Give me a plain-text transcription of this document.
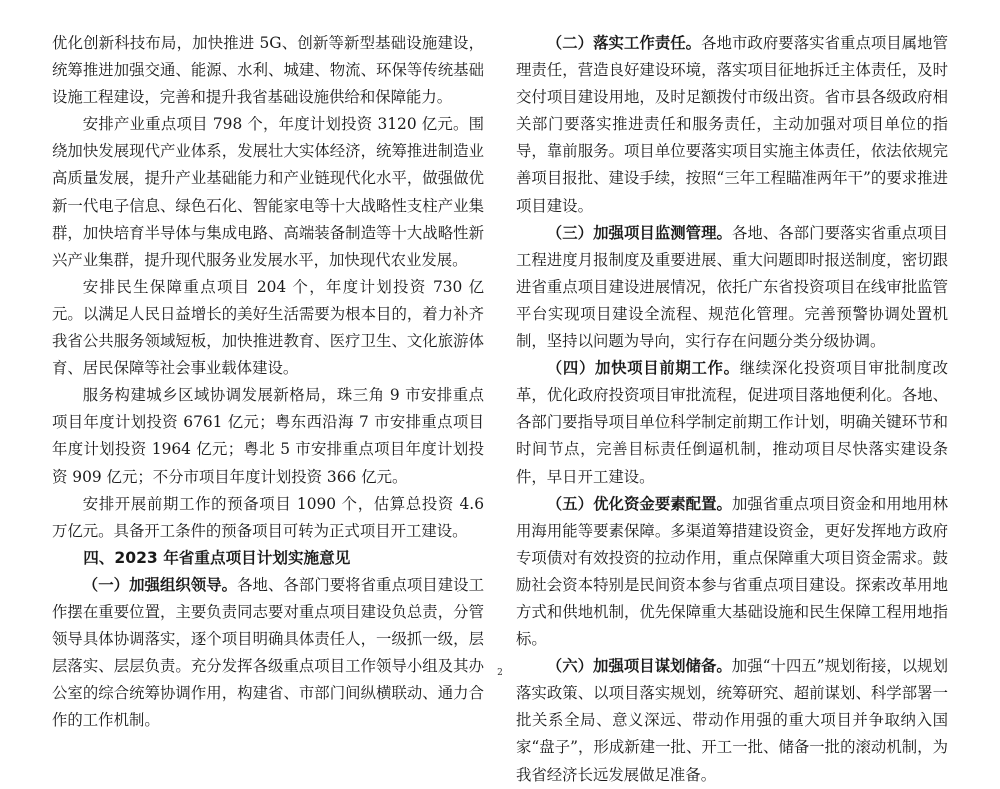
优化创新科技布局，加快推进 5G、创新等新型基础设施建设，统筹推进加强交通、能源、水利、城建、物流、环保等传统基础设施工程建设，完善和提升我省基础设施供给和保障能力。

安排产业重点项目 798 个，年度计划投资 3120 亿元。围绕加快发展现代产业体系，发展壮大实体经济，统筹推进制造业高质量发展，提升产业基础能力和产业链现代化水平，做强做优新一代电子信息、绿色石化、智能家电等十大战略性支柱产业集群，加快培育半导体与集成电路、高端装备制造等十大战略性新兴产业集群，提升现代服务业发展水平，加快现代农业发展。

安排民生保障重点项目 204 个，年度计划投资 730 亿元。以满足人民日益增长的美好生活需要为根本目的，着力补齐我省公共服务领域短板，加快推进教育、医疗卫生、文化旅游体育、居民保障等社会事业载体建设。

服务构建城乡区域协调发展新格局，珠三角 9 市安排重点项目年度计划投资 6761 亿元；粤东西沿海 7 市安排重点项目年度计划投资 1964 亿元；粤北 5 市安排重点项目年度计划投资 909 亿元；不分市项目年度计划投资 366 亿元。

安排开展前期工作的预备项目 1090 个，估算总投资 4.6 万亿元。具备开工条件的预备项目可转为正式项目开工建设。

四、2023 年省重点项目计划实施意见

（一）加强组织领导。各地、各部门要将省重点项目建设工作摆在重要位置，主要负责同志要对重点项目建设负总责，分管领导具体协调落实，逐个项目明确具体责任人，一级抓一级，层层落实、层层负责。充分发挥各级重点项目工作领导小组及其办公室的综合统筹协调作用，构建省、市部门间纵横联动、通力合作的工作机制。

（二）落实工作责任。各地市政府要落实省重点项目属地管理责任，营造良好建设环境，落实项目征地拆迁主体责任，及时交付项目建设用地，及时足额拨付市级出资。省市县各级政府相关部门要落实推进责任和服务责任，主动加强对项目单位的指导，靠前服务。项目单位要落实项目实施主体责任，依法依规完善项目报批、建设手续，按照“三年工程瞄准两年干”的要求推进项目建设。

（三）加强项目监测管理。各地、各部门要落实省重点项目工程进度月报制度及重要进展、重大问题即时报送制度，密切跟进省重点项目建设进展情况，依托广东省投资项目在线审批监管平台实现项目建设全流程、规范化管理。完善预警协调处置机制，坚持以问题为导向，实行存在问题分类分级协调。

（四）加快项目前期工作。继续深化投资项目审批制度改革，优化政府投资项目审批流程，促进项目落地便利化。各地、各部门要指导项目单位科学制定前期工作计划，明确关键环节和时间节点，完善目标责任倒逼机制，推动项目尽快落实建设条件，早日开工建设。

（五）优化资金要素配置。加强省重点项目资金和用地用林用海用能等要素保障。多渠道筹措建设资金，更好发挥地方政府专项债对有效投资的拉动作用，重点保障重大项目资金需求。鼓励社会资本特别是民间资本参与省重点项目建设。探索改革用地方式和供地机制，优先保障重大基础设施和民生保障工程用地指标。

（六）加强项目谋划储备。加强“十四五”规划衔接，以规划落实政策、以项目落实规划，统筹研究、超前谋划、科学部署一批关系全局、意义深远、带动作用强的重大项目并争取纳入国家“盘子”，形成新建一批、开工一批、储备一批的滚动机制，为我省经济长远发展做足准备。

2
